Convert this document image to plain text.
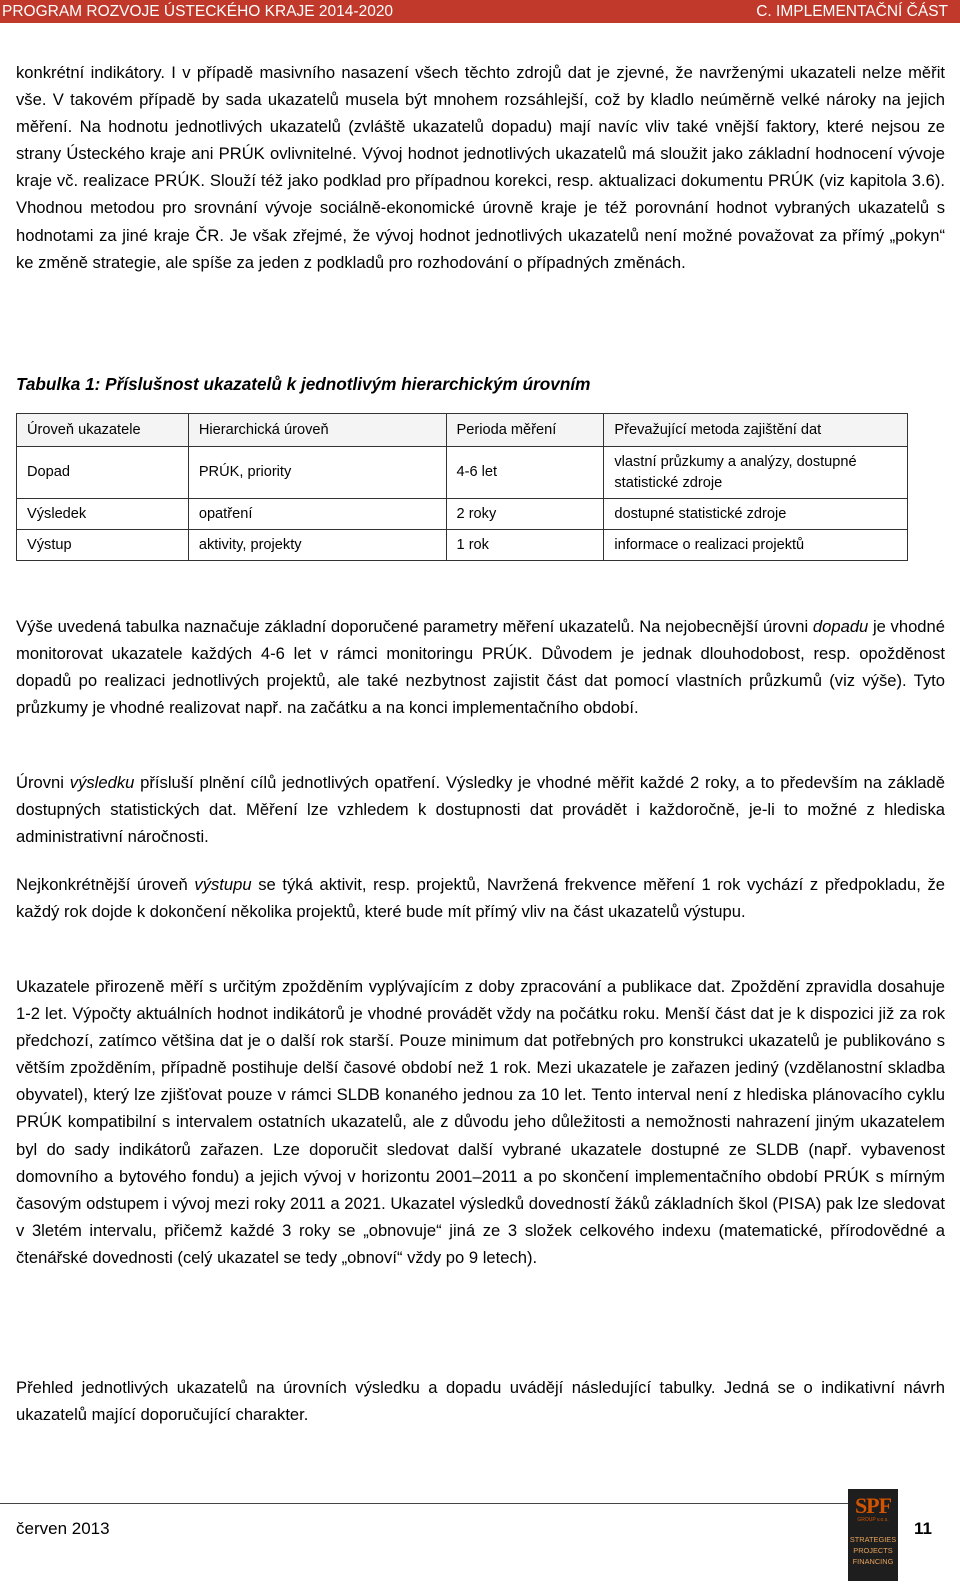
PROGRAM ROZVOJE ÚSTECKÉHO KRAJE 2014-2020	C. IMPLEMENTAČNÍ ČÁST

konkrétní indikátory. I v případě masivního nasazení všech těchto zdrojů dat je zjevné, že navrženými ukazateli nelze měřit vše. V takovém případě by sada ukazatelů musela být mnohem rozsáhlejší, což by kladlo neúměrně velké nároky na jejich měření. Na hodnotu jednotlivých ukazatelů (zvláště ukazatelů dopadu) mají navíc vliv také vnější faktory, které nejsou ze strany Ústeckého kraje ani PRÚK ovlivnitelné. Vývoj hodnot jednotlivých ukazatelů má sloužit jako základní hodnocení vývoje kraje vč. realizace PRÚK. Slouží též jako podklad pro případnou korekci, resp. aktualizaci dokumentu PRÚK (viz kapitola 3.6). Vhodnou metodou pro srovnání vývoje sociálně-ekonomické úrovně kraje je též porovnání hodnot vybraných ukazatelů s hodnotami za jiné kraje ČR. Je však zřejmé, že vývoj hodnot jednotlivých ukazatelů není možné považovat za přímý „pokyn“ ke změně strategie, ale spíše za jeden z podkladů pro rozhodování o případných změnách.

Tabulka 1: Příslušnost ukazatelů k jednotlivým hierarchickým úrovním

Úroveň ukazatele	Hierarchická úroveň	Perioda měření	Převažující metoda zajištění dat
Dopad	PRÚK, priority	4-6 let	vlastní průzkumy a analýzy, dostupné statistické zdroje
Výsledek	opatření	2 roky	dostupné statistické zdroje
Výstup	aktivity, projekty	1 rok	informace o realizaci projektů

Výše uvedená tabulka naznačuje základní doporučené parametry měření ukazatelů. Na nejobecnější úrovni dopadu je vhodné monitorovat ukazatele každých 4-6 let v rámci monitoringu PRÚK. Důvodem je jednak dlouhodobost, resp. opožděnost dopadů po realizaci jednotlivých projektů, ale také nezbytnost zajistit část dat pomocí vlastních průzkumů (viz výše). Tyto průzkumy je vhodné realizovat např. na začátku a na konci implementačního období.

Úrovni výsledku přísluší plnění cílů jednotlivých opatření. Výsledky je vhodné měřit každé 2 roky, a to především na základě dostupných statistických dat. Měření lze vzhledem k dostupnosti dat provádět i každoročně, je-li to možné z hlediska administrativní náročnosti.

Nejkonkrétnější úroveň výstupu se týká aktivit, resp. projektů, Navržená frekvence měření 1 rok vychází z předpokladu, že každý rok dojde k dokončení několika projektů, které bude mít přímý vliv na část ukazatelů výstupu.

Ukazatele přirozeně měří s určitým zpožděním vyplývajícím z doby zpracování a publikace dat. Zpoždění zpravidla dosahuje 1-2 let. Výpočty aktuálních hodnot indikátorů je vhodné provádět vždy na počátku roku. Menší část dat je k dispozici již za rok předchozí, zatímco většina dat je o další rok starší. Pouze minimum dat potřebných pro konstrukci ukazatelů je publikováno s větším zpožděním, případně postihuje delší časové období než 1 rok. Mezi ukazatele je zařazen jediný (vzdělanostní skladba obyvatel), který lze zjišťovat pouze v rámci SLDB konaného jednou za 10 let. Tento interval není z hlediska plánovacího cyklu PRÚK kompatibilní s intervalem ostatních ukazatelů, ale z důvodu jeho důležitosti a nemožnosti nahrazení jiným ukazatelem byl do sady indikátorů zařazen. Lze doporučit sledovat další vybrané ukazatele dostupné ze SLDB (např. vybavenost domovního a bytového fondu) a jejich vývoj v horizontu 2001–2011 a po skončení implementačního období PRÚK s mírným časovým odstupem i vývoj mezi roky 2011 a 2021. Ukazatel výsledků dovedností žáků základních škol (PISA) pak lze sledovat v 3letém intervalu, přičemž každé 3 roky se „obnovuje“ jiná ze 3 složek celkového indexu (matematické, přírodovědné a čtenářské dovednosti (celý ukazatel se tedy „obnoví“ vždy po 9 letech).

Přehled jednotlivých ukazatelů na úrovních výsledku a dopadu uvádějí následující tabulky. Jedná se o indikativní návrh ukazatelů mající doporučující charakter.

červen 2013	11
SPF
GROUP v.o.s.
STRATEGIES
PROJECTS
FINANCING
